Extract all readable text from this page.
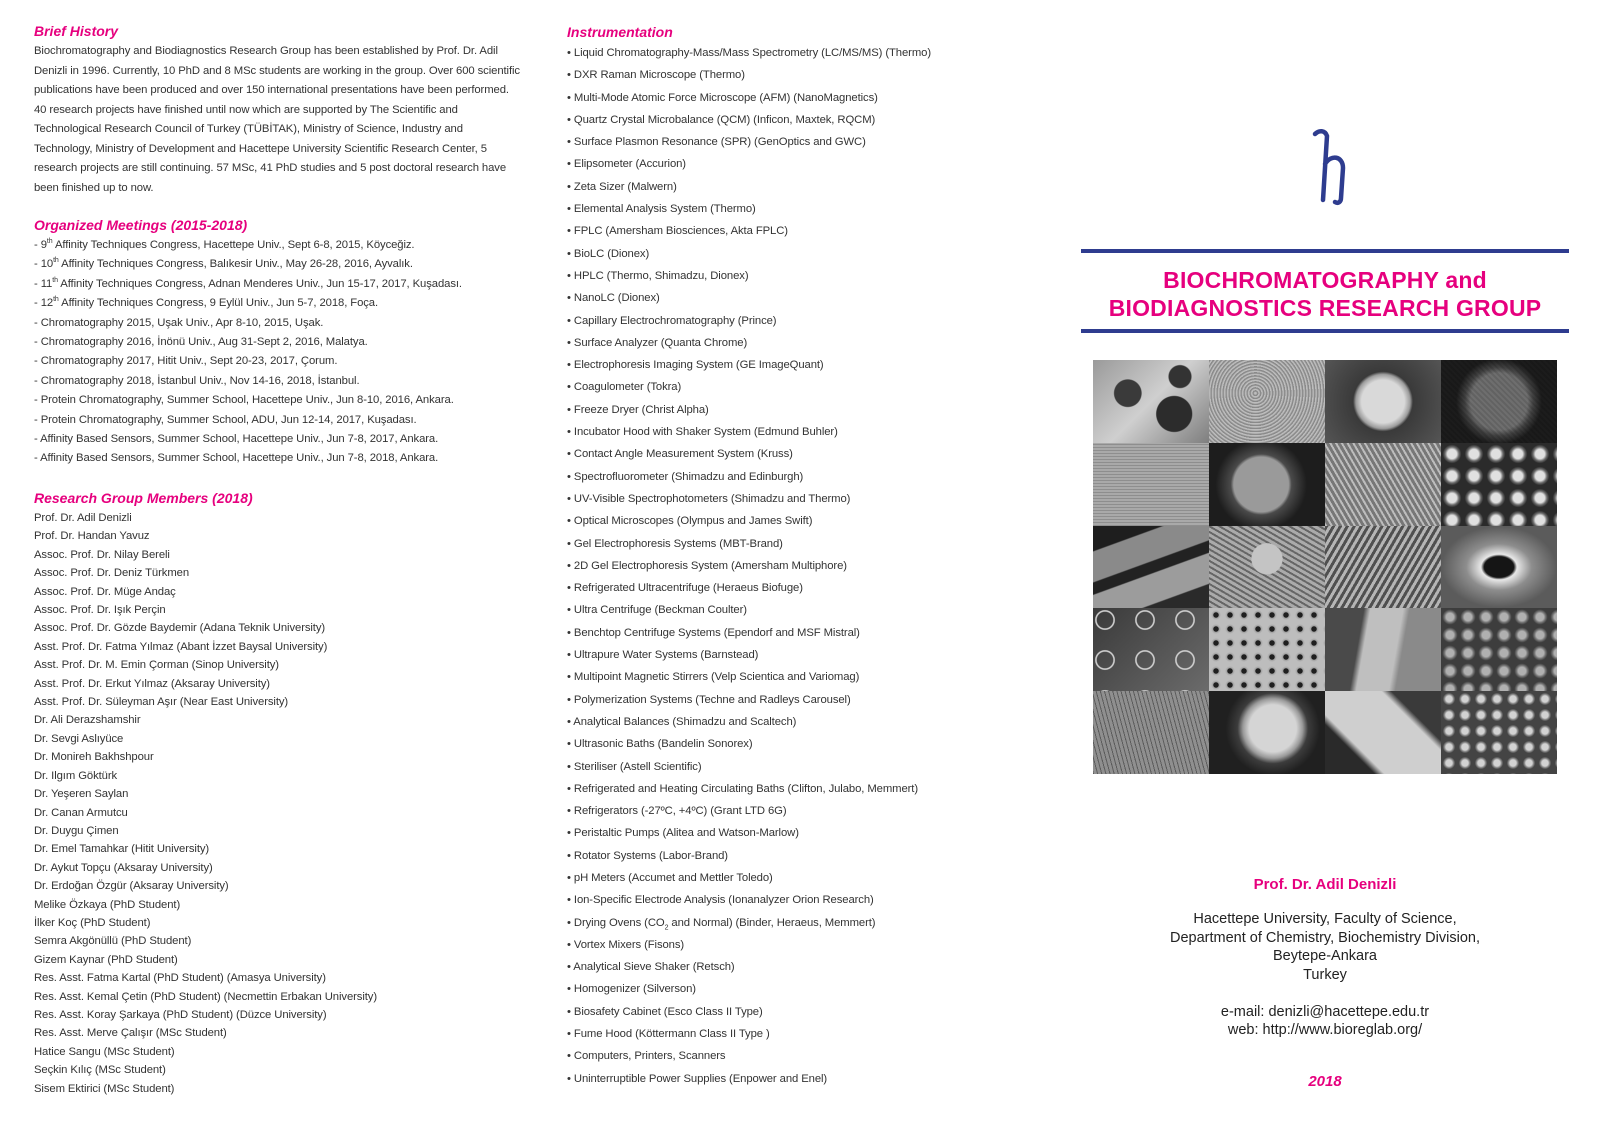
Brief History
Biochromatography and Biodiagnostics Research Group has been established by Prof. Dr. Adil
Denizli in 1996. Currently, 10 PhD and 8 MSc students are working in the group. Over 600 scientific
publications have been produced and over 150 international presentations have been performed.
40 research projects have finished until now which are supported by The Scientific and
Technological Research Council of Turkey (TÜBİTAK), Ministry of Science, Industry and
Technology, Ministry of Development and Hacettepe University Scientific Research Center, 5
research projects are still continuing. 57 MSc, 41 PhD studies and 5 post doctoral research have
been finished up to now.
Organized Meetings (2015-2018)
- 9th Affinity Techniques Congress, Hacettepe Univ., Sept 6-8, 2015, Köyceğiz.
- 10th Affinity Techniques Congress, Balıkesir Univ., May 26-28, 2016, Ayvalık.
- 11th Affinity Techniques Congress, Adnan Menderes Univ., Jun 15-17, 2017, Kuşadası.
- 12th Affinity Techniques Congress, 9 Eylül Univ., Jun 5-7, 2018, Foça.
- Chromatography 2015, Uşak Univ., Apr 8-10, 2015, Uşak.
- Chromatography 2016, İnönü Univ., Aug 31-Sept 2, 2016, Malatya.
- Chromatography 2017, Hitit Univ., Sept 20-23, 2017, Çorum.
- Chromatography 2018, İstanbul Univ., Nov 14-16, 2018, İstanbul.
- Protein Chromatography, Summer School, Hacettepe Univ., Jun 8-10, 2016, Ankara.
- Protein Chromatography, Summer School, ADU, Jun 12-14, 2017, Kuşadası.
- Affinity Based Sensors, Summer School, Hacettepe Univ., Jun 7-8, 2017, Ankara.
- Affinity Based Sensors, Summer School, Hacettepe Univ., Jun 7-8, 2018, Ankara.
Research Group Members (2018)
Prof. Dr. Adil Denizli
Prof. Dr. Handan Yavuz
Assoc. Prof. Dr. Nilay Bereli
Assoc. Prof. Dr. Deniz Türkmen
Assoc. Prof. Dr. Müge Andaç
Assoc. Prof. Dr. Işık Perçin
Assoc. Prof. Dr. Gözde Baydemir (Adana Teknik University)
Asst. Prof. Dr. Fatma Yılmaz (Abant İzzet Baysal University)
Asst. Prof. Dr. M. Emin Çorman (Sinop University)
Asst. Prof. Dr. Erkut Yılmaz (Aksaray University)
Asst. Prof. Dr. Süleyman Aşır (Near East University)
Dr. Ali Derazshamshir
Dr. Sevgi Aslıyüce
Dr. Monireh Bakhshpour
Dr. Ilgım Göktürk
Dr. Yeşeren Saylan
Dr. Canan Armutcu
Dr. Duygu Çimen
Dr. Emel Tamahkar (Hitit University)
Dr. Aykut Topçu (Aksaray University)
Dr. Erdoğan Özgür (Aksaray University)
Melike Özkaya (PhD Student)
İlker Koç (PhD Student)
Semra Akgönüllü (PhD Student)
Gizem Kaynar (PhD Student)
Res. Asst. Fatma Kartal (PhD Student) (Amasya University)
Res. Asst. Kemal Çetin (PhD Student) (Necmettin Erbakan University)
Res. Asst. Koray Şarkaya (PhD Student) (Düzce University)
Res. Asst. Merve Çalışır (MSc Student)
Hatice Sangu (MSc Student)
Seçkin Kılıç (MSc Student)
Sisem Ektirici (MSc Student)
Instrumentation
• Liquid Chromatography-Mass/Mass Spectrometry (LC/MS/MS) (Thermo)
• DXR Raman Microscope (Thermo)
• Multi-Mode Atomic Force Microscope (AFM) (NanoMagnetics)
• Quartz Crystal Microbalance (QCM) (Inficon, Maxtek, RQCM)
• Surface Plasmon Resonance (SPR) (GenOptics and GWC)
• Elipsometer (Accurion)
• Zeta Sizer (Malwern)
• Elemental Analysis System (Thermo)
• FPLC (Amersham Biosciences, Akta FPLC)
• BioLC (Dionex)
• HPLC (Thermo, Shimadzu, Dionex)
• NanoLC (Dionex)
• Capillary Electrochromatography (Prince)
• Surface Analyzer (Quanta Chrome)
• Electrophoresis Imaging System (GE ImageQuant)
• Coagulometer (Tokra)
• Freeze Dryer (Christ Alpha)
• Incubator Hood with Shaker System (Edmund Buhler)
• Contact Angle Measurement System (Kruss)
• Spectrofluorometer (Shimadzu and Edinburgh)
• UV-Visible Spectrophotometers (Shimadzu and Thermo)
• Optical Microscopes (Olympus and James Swift)
• Gel Electrophoresis Systems (MBT-Brand)
• 2D Gel Electrophoresis System (Amersham Multiphore)
• Refrigerated Ultracentrifuge (Heraeus Biofuge)
• Ultra Centrifuge (Beckman Coulter)
• Benchtop Centrifuge Systems (Ependorf and MSF Mistral)
• Ultrapure Water Systems (Barnstead)
• Multipoint Magnetic Stirrers (Velp Scientica and Variomag)
• Polymerization Systems (Techne and Radleys Carousel)
• Analytical Balances (Shimadzu and Scaltech)
• Ultrasonic Baths (Bandelin Sonorex)
• Steriliser (Astell Scientific)
• Refrigerated and Heating Circulating Baths (Clifton, Julabo, Memmert)
• Refrigerators (-27ºC, +4ºC) (Grant LTD 6G)
• Peristaltic Pumps (Alitea and Watson-Marlow)
• Rotator Systems (Labor-Brand)
• pH Meters (Accumet and Mettler Toledo)
• Ion-Specific Electrode Analysis (Ionanalyzer Orion Research)
• Drying Ovens ($CO_2$ and Normal) (Binder, Heraeus, Memmert)
• Vortex Mixers (Fisons)
• Analytical Sieve Shaker (Retsch)
• Homogenizer (Silverson)
• Biosafety Cabinet (Esco Class II Type)
• Fume Hood (Köttermann Class II Type )
• Computers, Printers, Scanners
• Uninterruptible Power Supplies (Enpower and Enel)
BIOCHROMATOGRAPHY and
BIODIAGNOSTICS RESEARCH GROUP
Prof. Dr. Adil Denizli
Hacettepe University, Faculty of Science,
Department of Chemistry, Biochemistry Division,
Beytepe-Ankara
Turkey
e-mail: denizli@hacettepe.edu.tr
web: http://www.bioreglab.org/
2018
